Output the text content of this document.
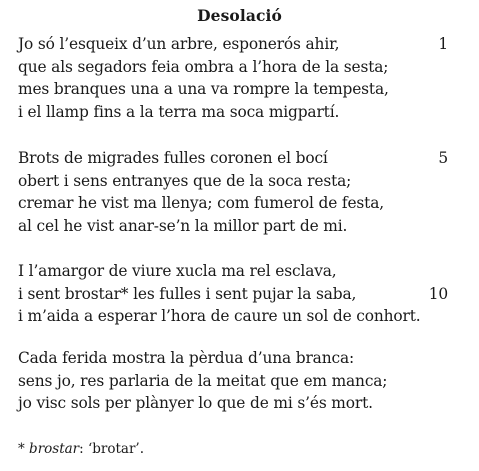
Desolació
Jo só l’esqueix d’un arbre, esponerós ahir,	1
que als segadors feia ombra a l’hora de la sesta;
mes branques una a una va rompre la tempesta,
i el llamp fins a la terra ma soca migpartí.
Brots de migrades fulles coronen el bocí	5
obert i sens entranyes que de la soca resta;
cremar he vist ma llenya; com fumerol de festa,
al cel he vist anar-se’n la millor part de mi.
I l’amargor de viure xucla ma rel esclava,
i sent brostar* les fulles i sent pujar la saba,	10
i m’aida a esperar l’hora de caure un sol de conhort.
Cada ferida mostra la pèrdua d’una branca:
sens jo, res parlaria de la meitat que em manca;
jo visc sols per plànyer lo que de mi s’és mort.
* brostar: ‘brotar’.
